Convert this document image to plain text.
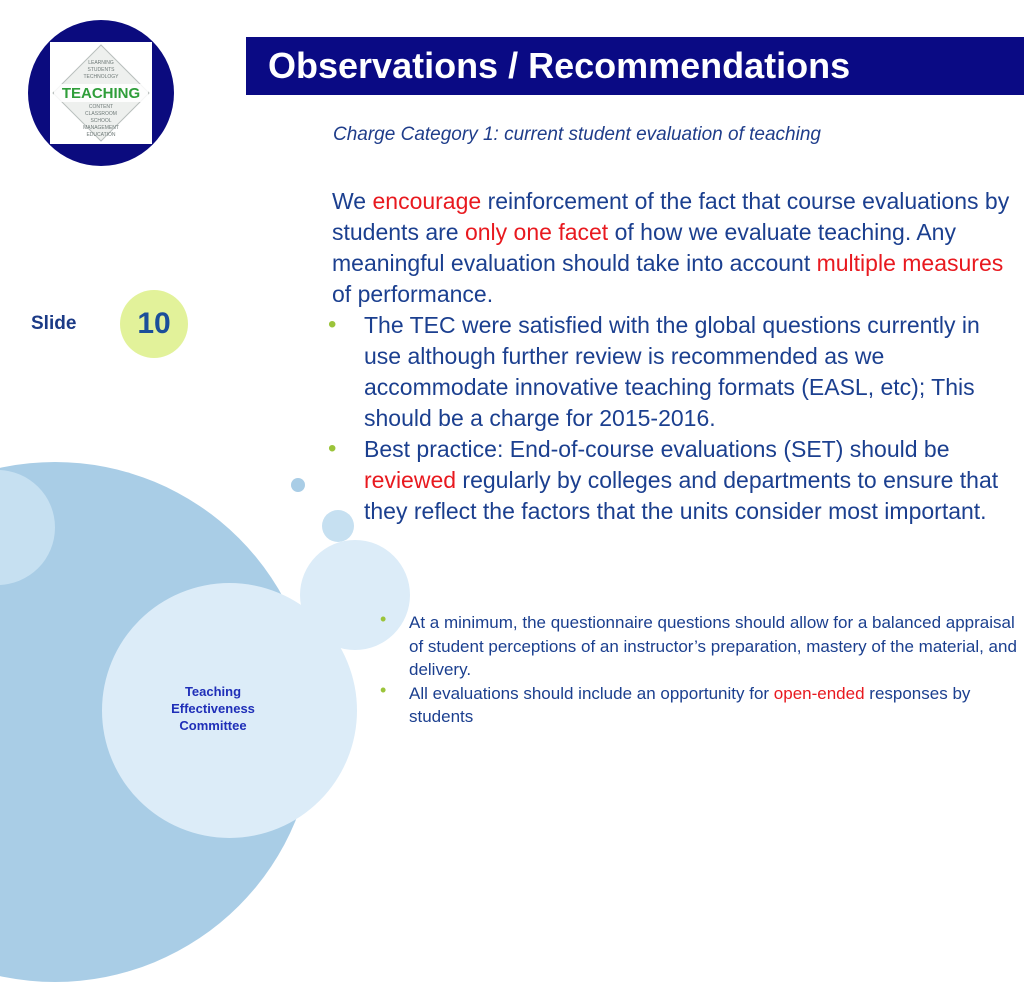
LEARNING STUDENTS TECHNOLOGY CONTENT CLASSROOM SCHOOL MANAGEMENT EDUCATION
TEACHING
Observations / Recommendations
Charge Category 1: current student evaluation of teaching
Slide	10

We encourage reinforcement of the fact that course evaluations by students are only one facet of how we evaluate teaching. Any meaningful evaluation should take into account multiple measures of performance.

• The TEC were satisfied with the global questions currently in use although further review is recommended as we accommodate innovative teaching formats (EASL, etc); This should be a charge for 2015-2016.
• Best practice: End-of-course evaluations (SET) should be reviewed regularly by colleges and departments to ensure that they reflect the factors that the units consider most important.
• At a minimum, the questionnaire questions should allow for a balanced appraisal of student perceptions of an instructor’s preparation, mastery of the material, and delivery.
• All evaluations should include an opportunity for open-ended responses by students
Teaching
Effectiveness
Committee
